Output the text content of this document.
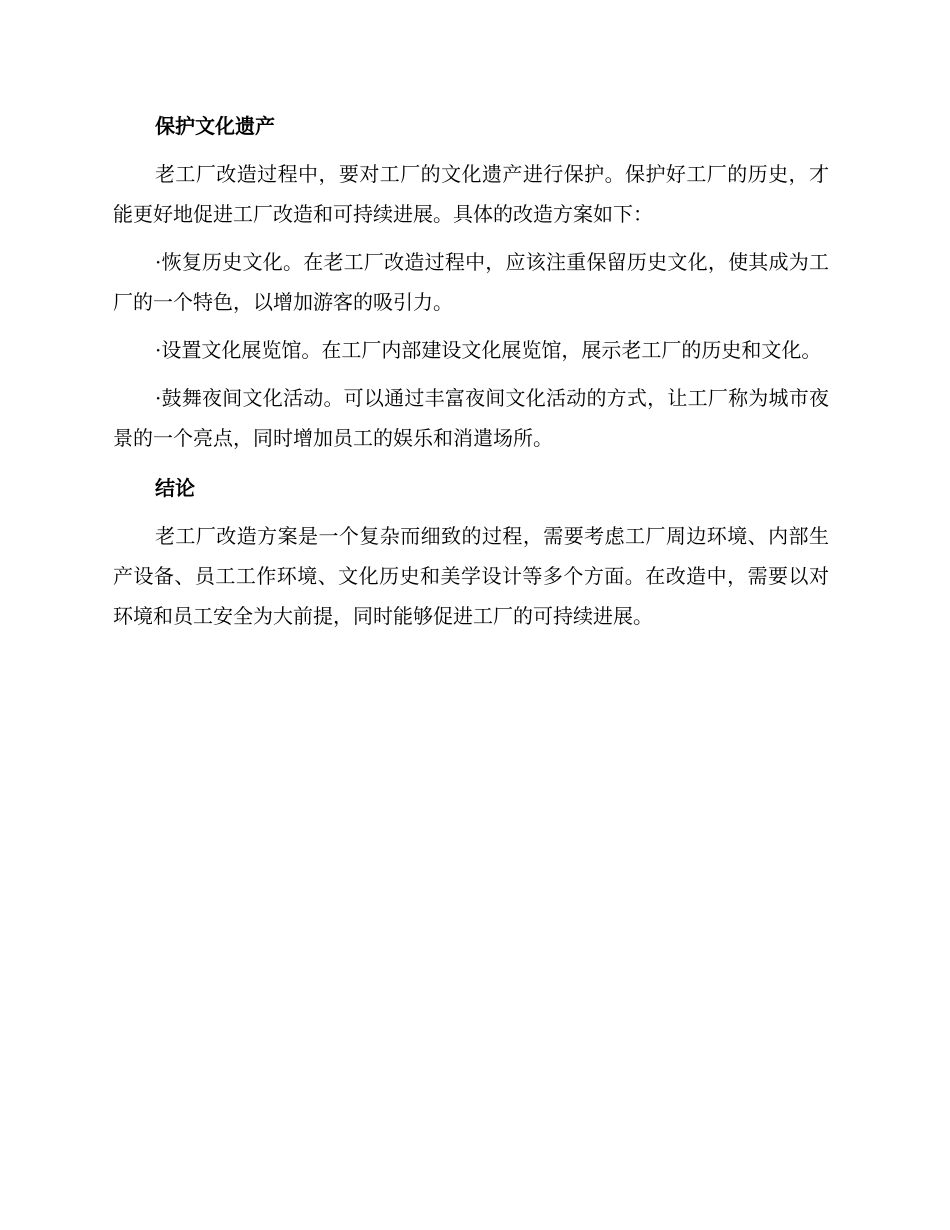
保护文化遗产

老工厂改造过程中，要对工厂的文化遗产进行保护。保护好工厂的历史，才能更好地促进工厂改造和可持续进展。具体的改造方案如下：

·恢复历史文化。在老工厂改造过程中，应该注重保留历史文化，使其成为工厂的一个特色，以增加游客的吸引力。

·设置文化展览馆。在工厂内部建设文化展览馆，展示老工厂的历史和文化。

·鼓舞夜间文化活动。可以通过丰富夜间文化活动的方式，让工厂称为城市夜景的一个亮点，同时增加员工的娱乐和消遣场所。

结论

老工厂改造方案是一个复杂而细致的过程，需要考虑工厂周边环境、内部生产设备、员工工作环境、文化历史和美学设计等多个方面。在改造中，需要以对环境和员工安全为大前提，同时能够促进工厂的可持续进展。
